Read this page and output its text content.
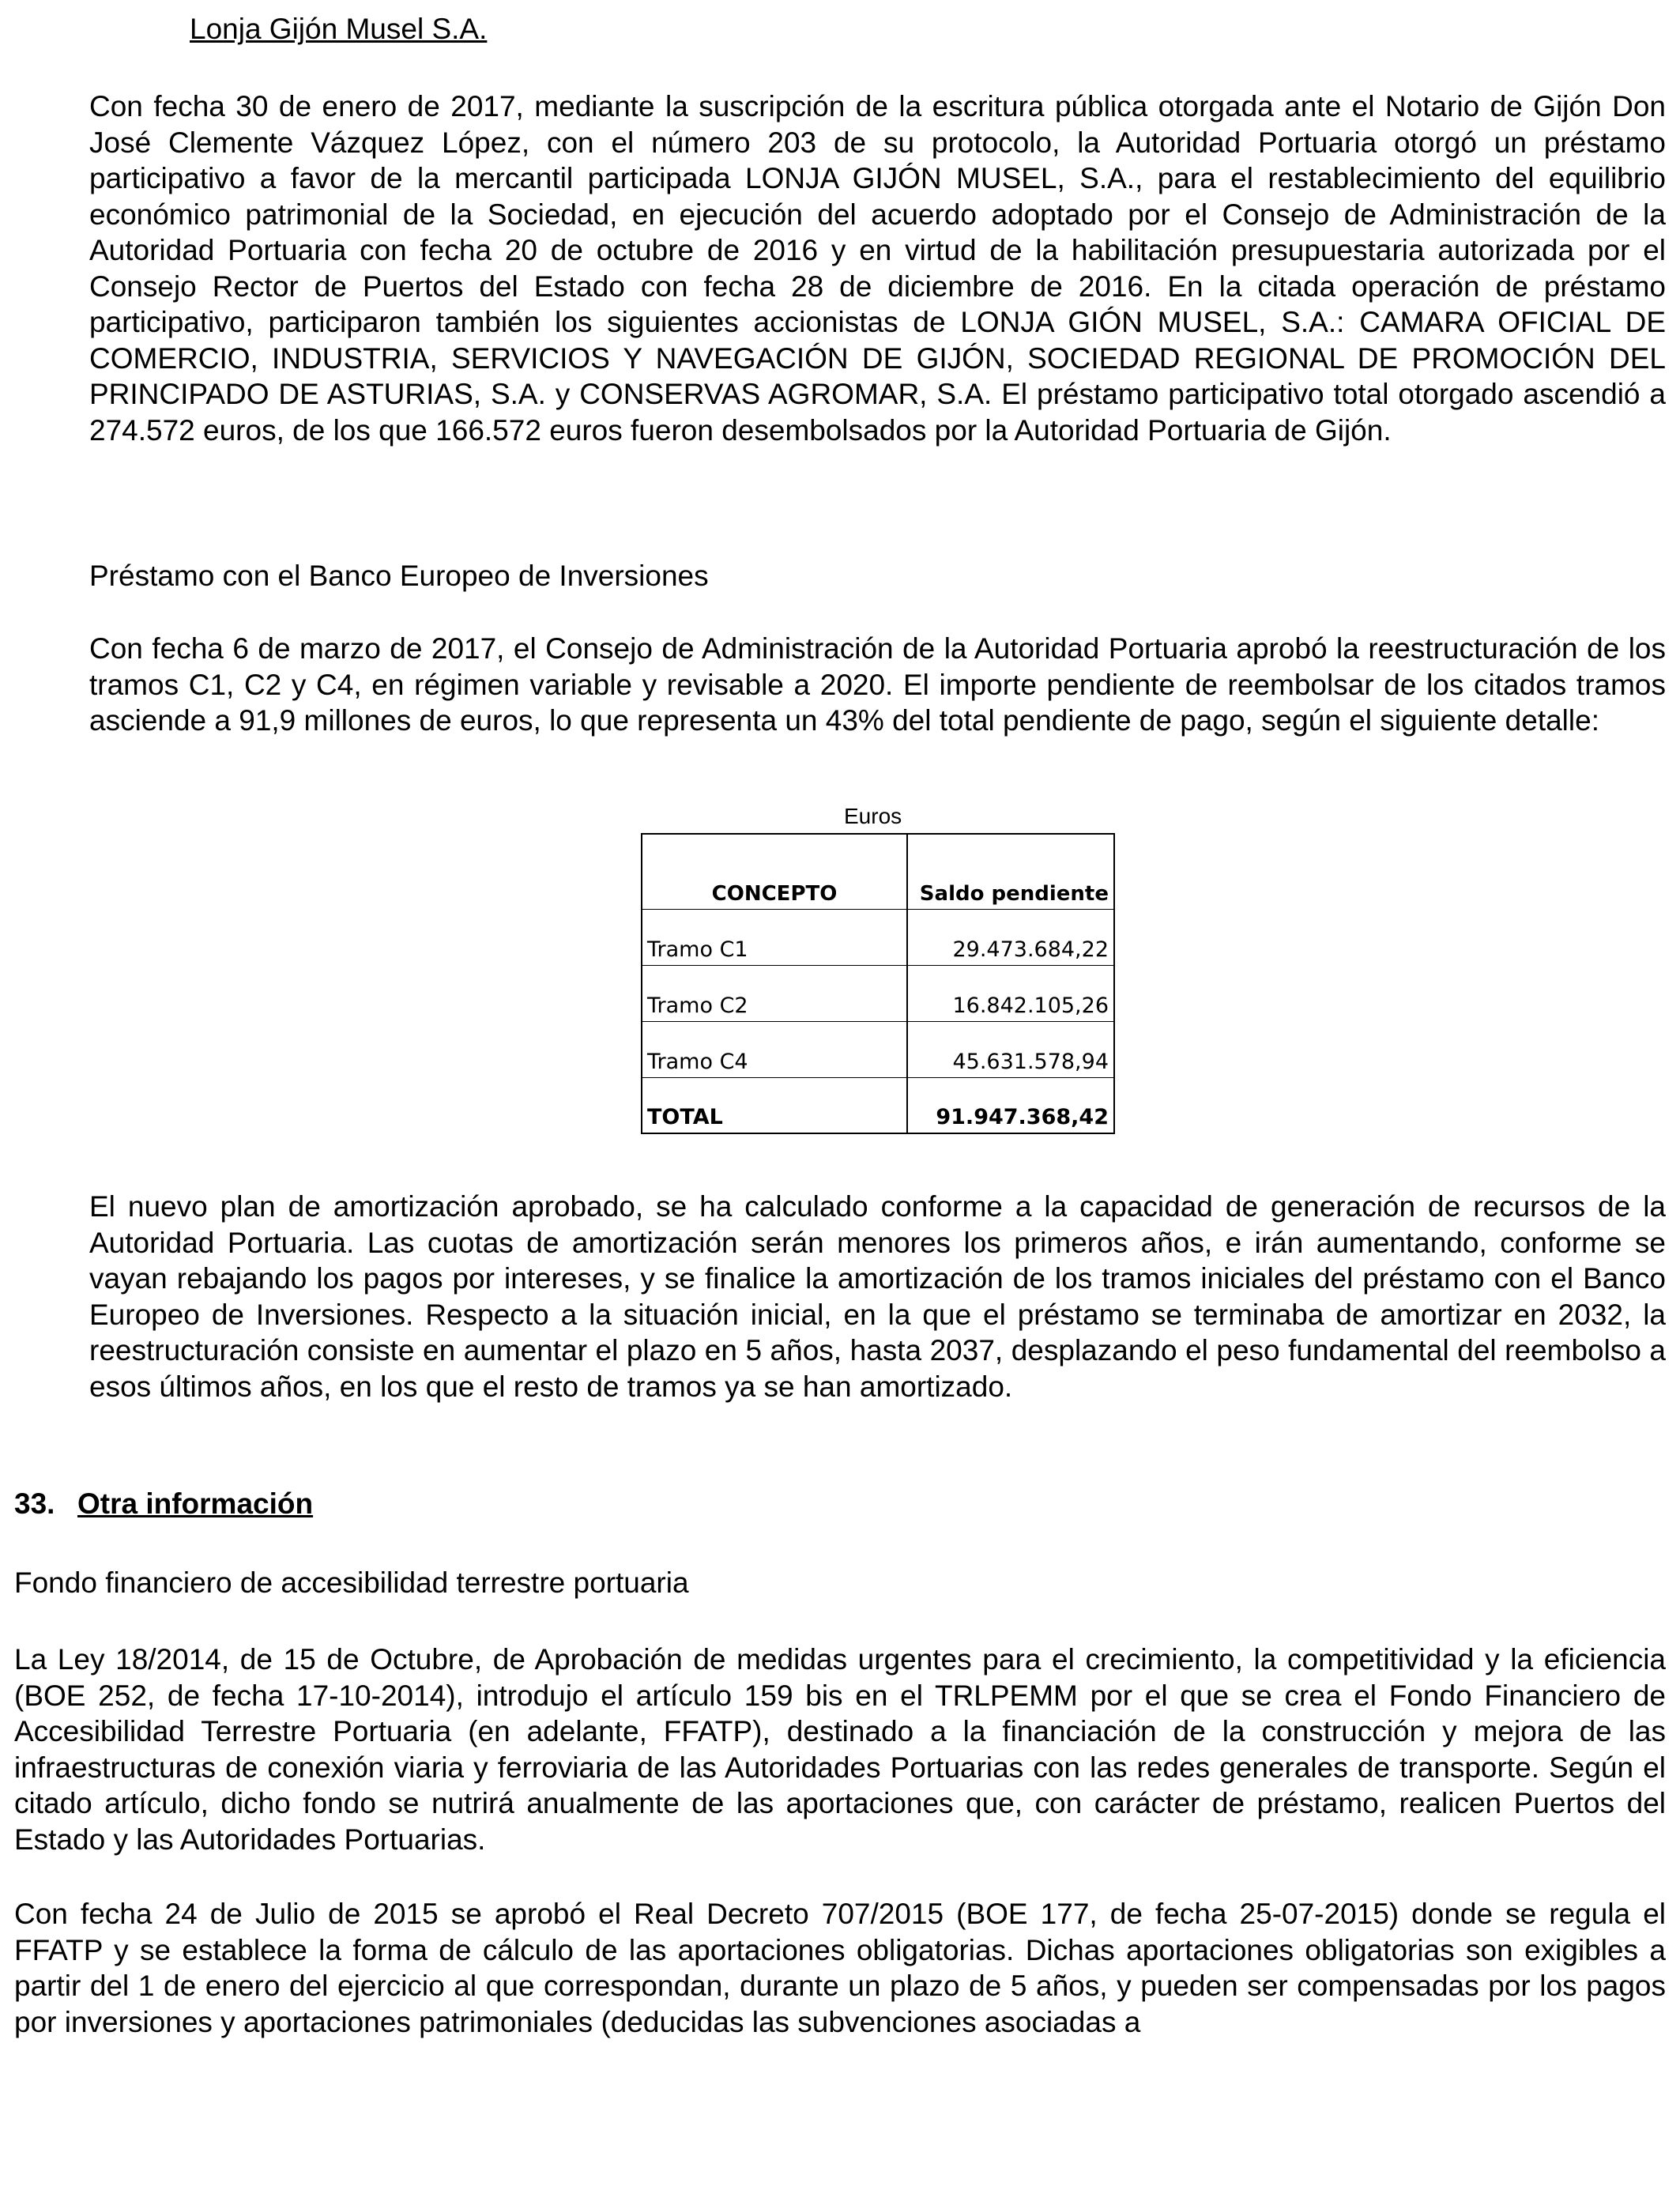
Lonja Gijón Musel S.A.

Con fecha 30 de enero de 2017, mediante la suscripción de la escritura pública otorgada ante el Notario de Gijón Don José Clemente Vázquez López, con el número 203 de su protocolo, la Autoridad Portuaria otorgó un préstamo participativo a favor de la mercantil participada LONJA GIJÓN MUSEL, S.A., para el restablecimiento del equilibrio económico patrimonial de la Sociedad, en ejecución del acuerdo adoptado por el Consejo de Administración de la Autoridad Portuaria con fecha 20 de octubre de 2016 y en virtud de la habilitación presupuestaria autorizada por el Consejo Rector de Puertos del Estado con fecha 28 de diciembre de 2016. En la citada operación de préstamo participativo, participaron también los siguientes accionistas de LONJA GIÓN MUSEL, S.A.: CAMARA OFICIAL DE COMERCIO, INDUSTRIA, SERVICIOS Y NAVEGACIÓN DE GIJÓN, SOCIEDAD REGIONAL DE PROMOCIÓN DEL PRINCIPADO DE ASTURIAS, S.A. y CONSERVAS AGROMAR, S.A. El préstamo participativo total otorgado ascendió a 274.572 euros, de los que 166.572 euros fueron desembolsados por la Autoridad Portuaria de Gijón.

Préstamo con el Banco Europeo de Inversiones

Con fecha 6 de marzo de 2017, el Consejo de Administración de la Autoridad Portuaria aprobó la reestructuración de los tramos C1, C2 y C4, en régimen variable y revisable a 2020. El importe pendiente de reembolsar de los citados tramos asciende a 91,9 millones de euros, lo que representa un 43% del total pendiente de pago, según el siguiente detalle:

Euros
CONCEPTO	Saldo pendiente
Tramo C1	29.473.684,22
Tramo C2	16.842.105,26
Tramo C4	45.631.578,94
TOTAL	91.947.368,42

El nuevo plan de amortización aprobado, se ha calculado conforme a la capacidad de generación de recursos de la Autoridad Portuaria. Las cuotas de amortización serán menores los primeros años, e irán aumentando, conforme se vayan rebajando los pagos por intereses, y se finalice la amortización de los tramos iniciales del préstamo con el Banco Europeo de Inversiones. Respecto a la situación inicial, en la que el préstamo se terminaba de amortizar en 2032, la reestructuración consiste en aumentar el plazo en 5 años, hasta 2037, desplazando el peso fundamental del reembolso a esos últimos años, en los que el resto de tramos ya se han amortizado.

33. Otra información
Fondo financiero de accesibilidad terrestre portuaria

La Ley 18/2014, de 15 de Octubre, de Aprobación de medidas urgentes para el crecimiento, la competitividad y la eficiencia (BOE 252, de fecha 17-10-2014), introdujo el artículo 159 bis en el TRLPEMM por el que se crea el Fondo Financiero de Accesibilidad Terrestre Portuaria (en adelante, FFATP), destinado a la financiación de la construcción y mejora de las infraestructuras de conexión viaria y ferroviaria de las Autoridades Portuarias con las redes generales de transporte. Según el citado artículo, dicho fondo se nutrirá anualmente de las aportaciones que, con carácter de préstamo, realicen Puertos del Estado y las Autoridades Portuarias.

Con fecha 24 de Julio de 2015 se aprobó el Real Decreto 707/2015 (BOE 177, de fecha 25-07-2015) donde se regula el FFATP y se establece la forma de cálculo de las aportaciones obligatorias. Dichas aportaciones obligatorias son exigibles a partir del 1 de enero del ejercicio al que correspondan, durante un plazo de 5 años, y pueden ser compensadas por los pagos por inversiones y aportaciones patrimoniales (deducidas las subvenciones asociadas a
